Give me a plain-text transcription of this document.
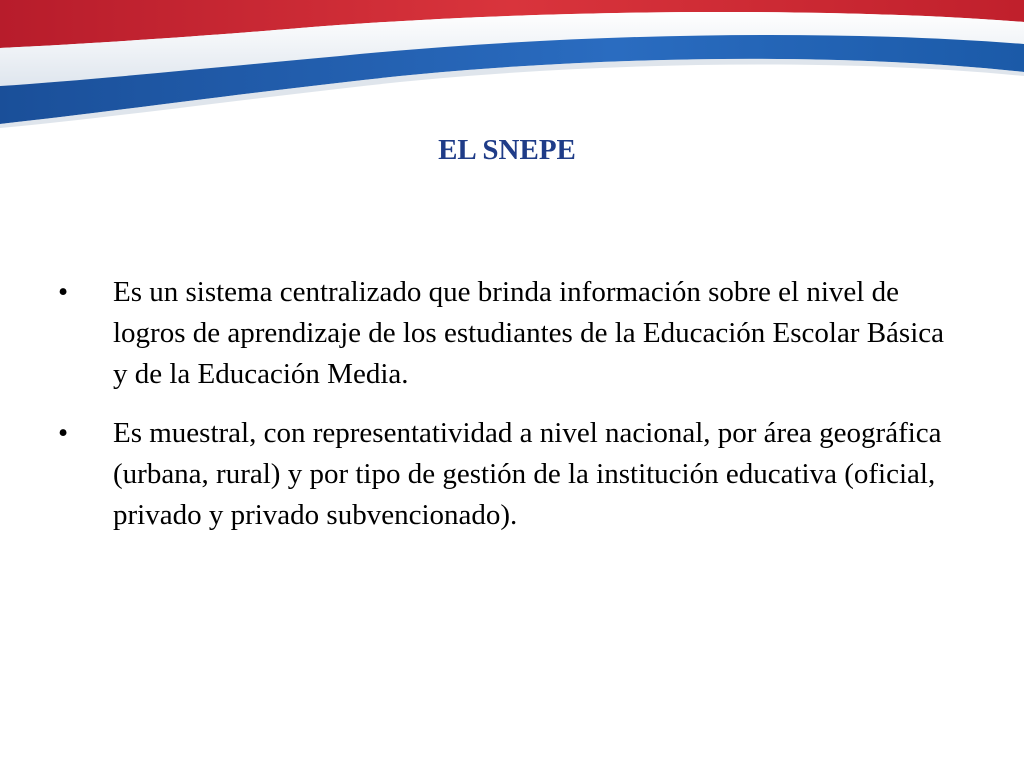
EL SNEPE
•	Es un sistema centralizado que brinda información sobre el nivel de logros de aprendizaje de los estudiantes de la Educación Escolar Básica y de la Educación Media.
•	Es muestral, con representatividad a nivel nacional, por área geográfica (urbana, rural) y por tipo de gestión de la institución educativa (oficial, privado y privado subvencionado).
